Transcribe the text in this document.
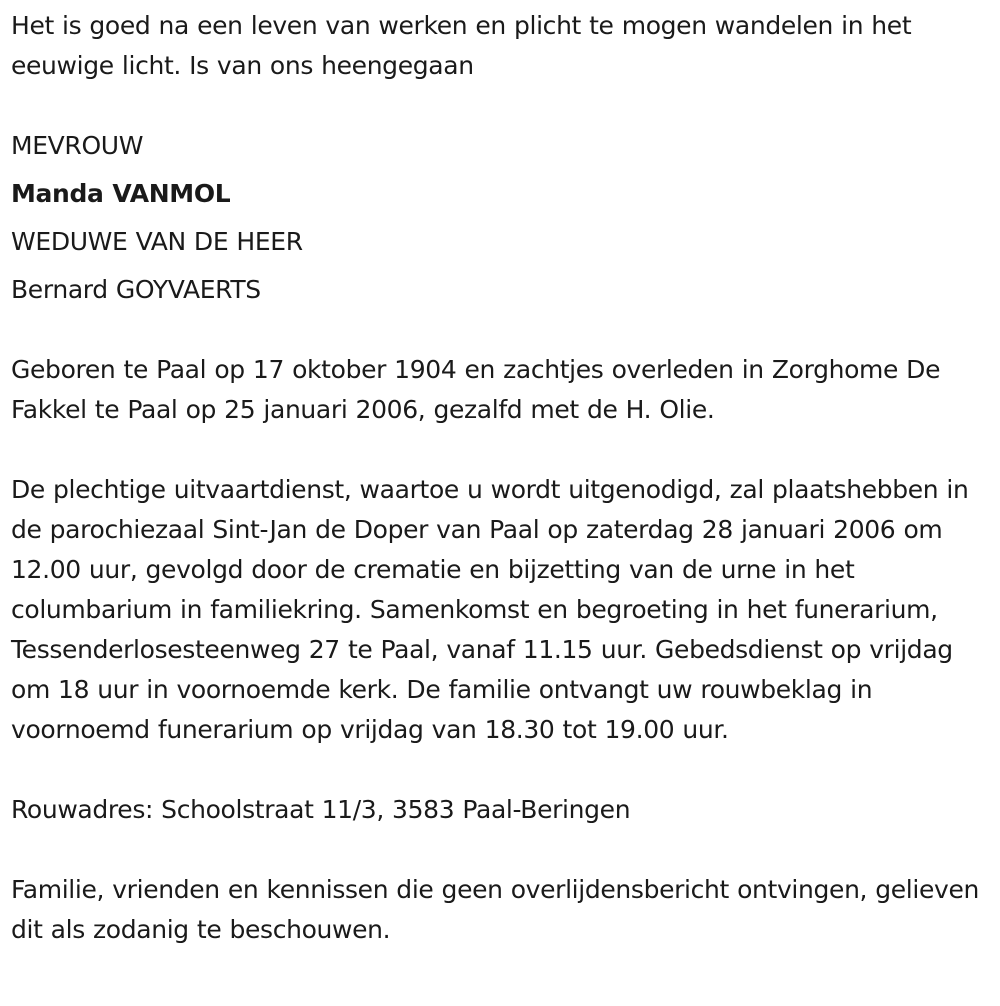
Het is goed na een leven van werken en plicht te mogen wandelen in het eeuwige licht. Is van ons heengegaan

MEVROUW
Manda VANMOL
WEDUWE VAN DE HEER
Bernard GOYVAERTS

Geboren te Paal op 17 oktober 1904 en zachtjes overleden in Zorghome De Fakkel te Paal op 25 januari 2006, gezalfd met de H. Olie.

De plechtige uitvaartdienst, waartoe u wordt uitgenodigd, zal plaatshebben in de parochiezaal Sint-Jan de Doper van Paal op zaterdag 28 januari 2006 om 12.00 uur, gevolgd door de crematie en bijzetting van de urne in het columbarium in familiekring. Samenkomst en begroeting in het funerarium, Tessenderlosesteenweg 27 te Paal, vanaf 11.15 uur. Gebedsdienst op vrijdag om 18 uur in voornoemde kerk. De familie ontvangt uw rouwbeklag in voornoemd funerarium op vrijdag van 18.30 tot 19.00 uur.

Rouwadres: Schoolstraat 11/3, 3583 Paal-Beringen

Familie, vrienden en kennissen die geen overlijdensbericht ontvingen, gelieven dit als zodanig te beschouwen.
